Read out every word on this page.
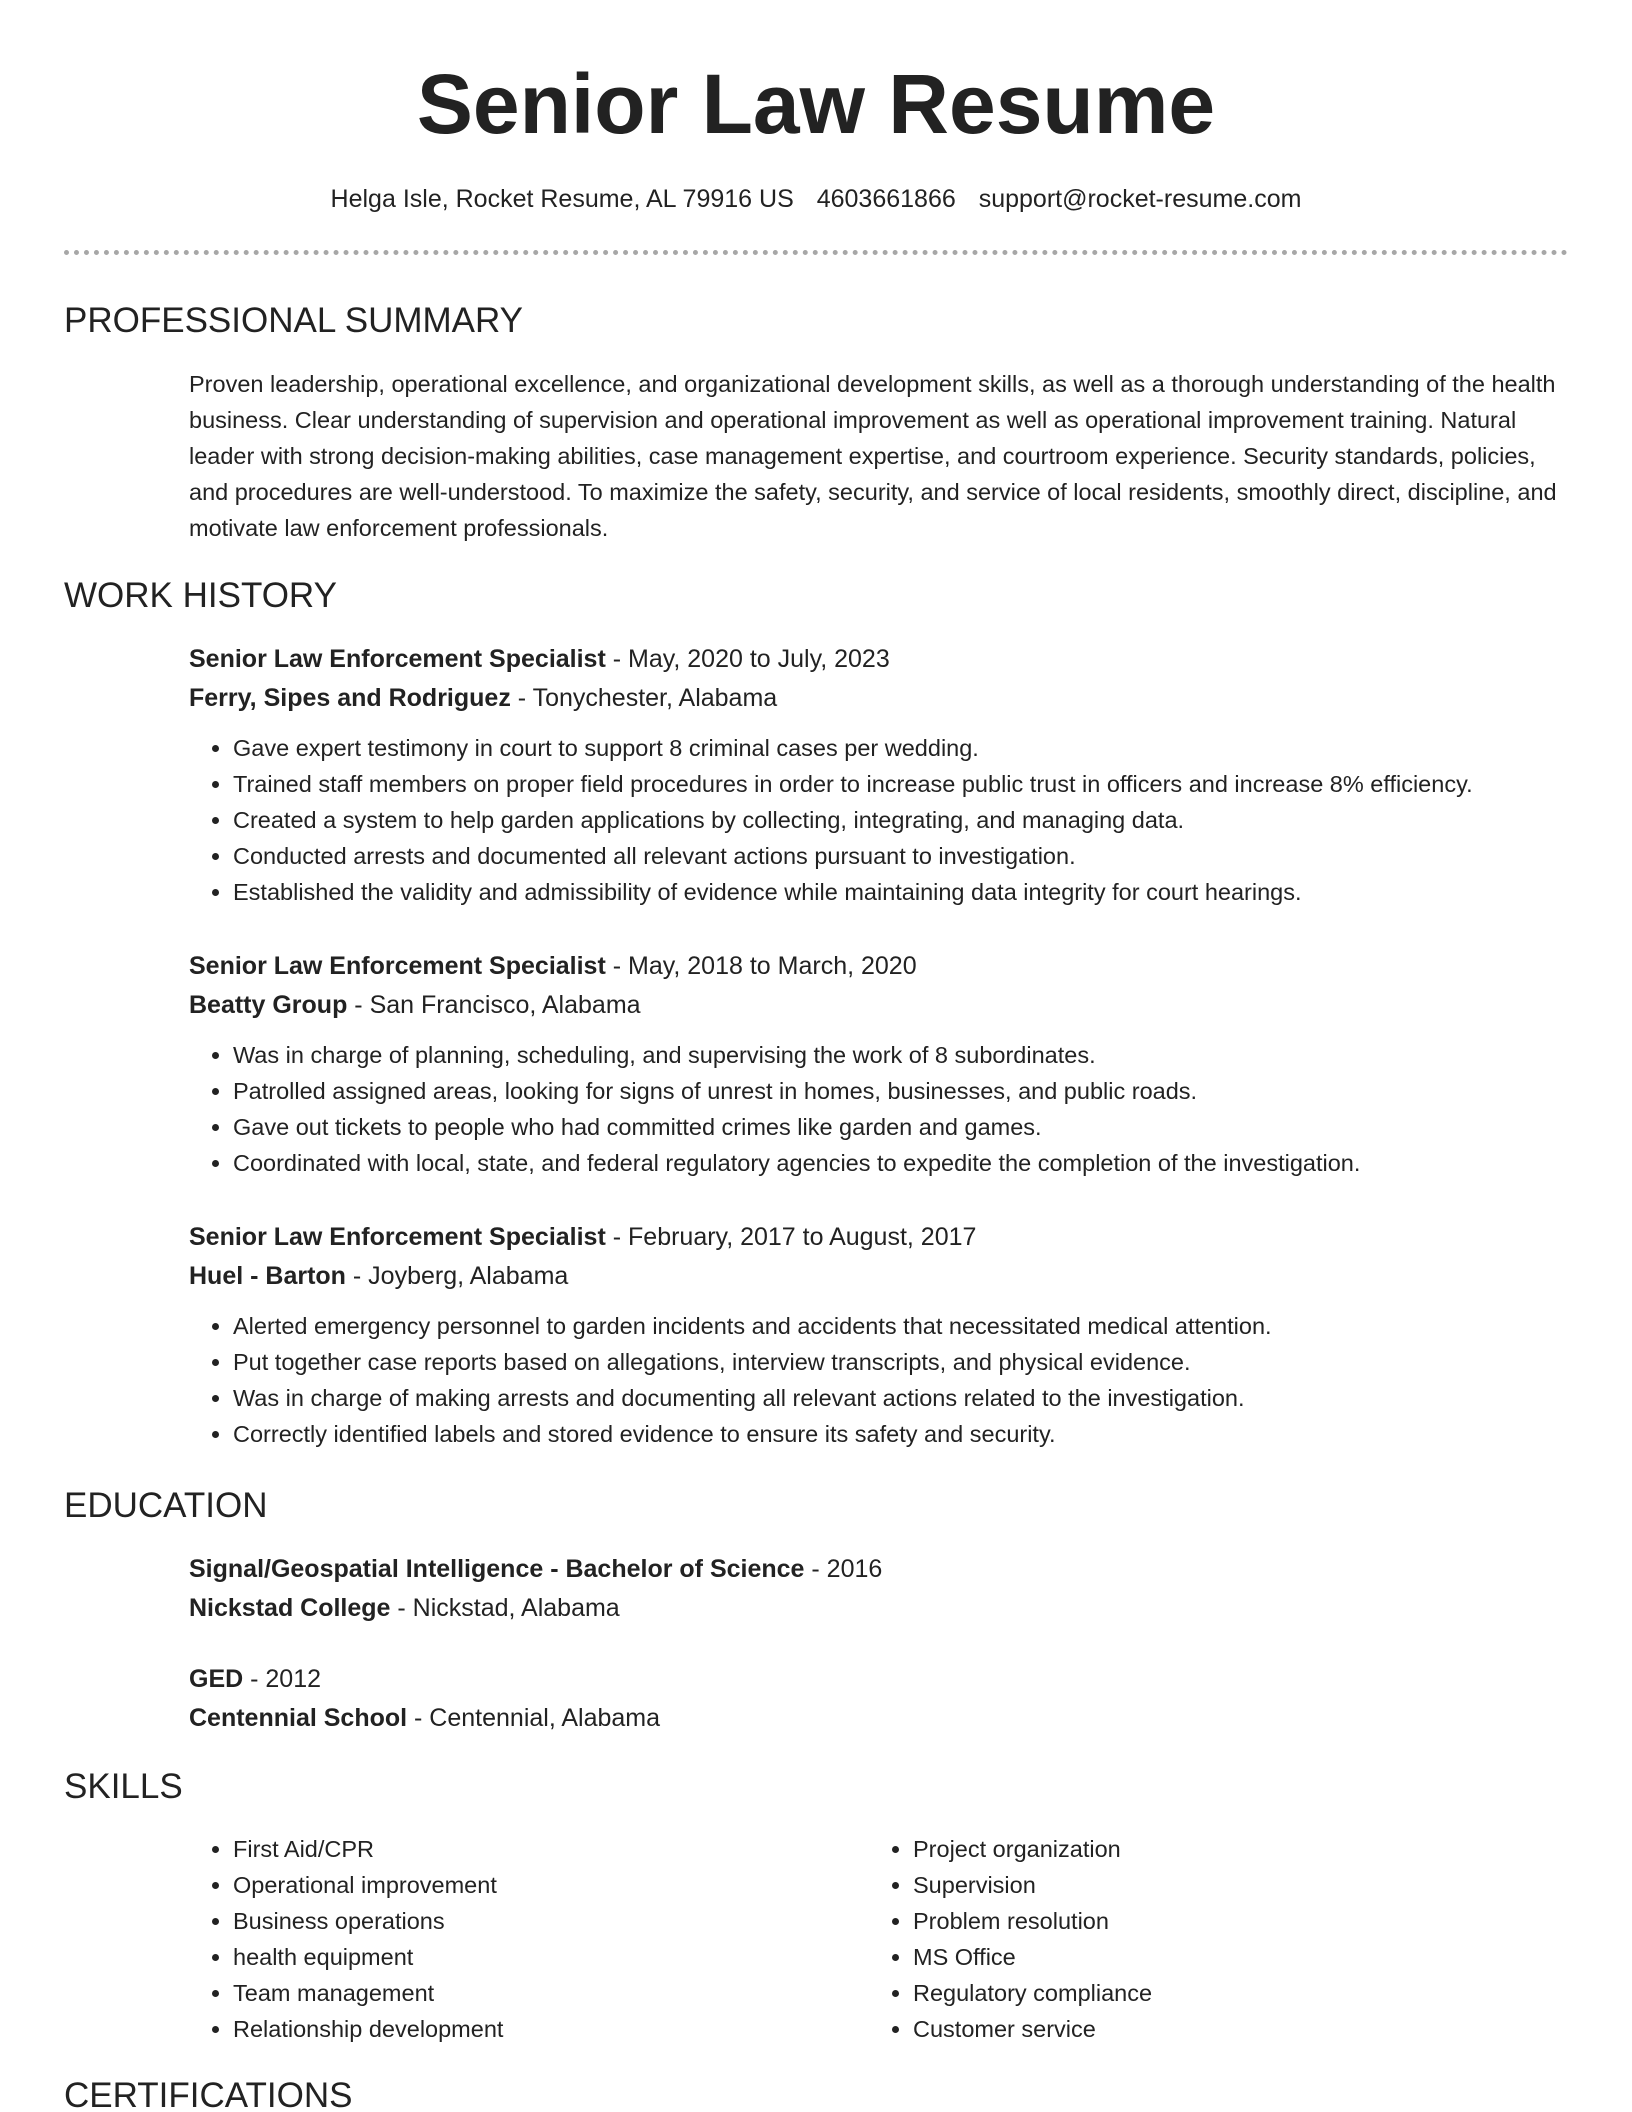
Senior Law Resume
Helga Isle, Rocket Resume, AL 79916 US 4603661866 support@rocket-resume.com
PROFESSIONAL SUMMARY

Proven leadership, operational excellence, and organizational development skills, as well as a thorough understanding of the health business. Clear understanding of supervision and operational improvement as well as operational improvement training. Natural leader with strong decision-making abilities, case management expertise, and courtroom experience. Security standards, policies, and procedures are well-understood. To maximize the safety, security, and service of local residents, smoothly direct, discipline, and motivate law enforcement professionals.

WORK HISTORY
Senior Law Enforcement Specialist - May, 2020 to July, 2023
Ferry, Sipes and Rodriguez - Tonychester, Alabama
• Gave expert testimony in court to support 8 criminal cases per wedding.
• Trained staff members on proper field procedures in order to increase public trust in officers and increase 8% efficiency.
• Created a system to help garden applications by collecting, integrating, and managing data.
• Conducted arrests and documented all relevant actions pursuant to investigation.
• Established the validity and admissibility of evidence while maintaining data integrity for court hearings.
Senior Law Enforcement Specialist - May, 2018 to March, 2020
Beatty Group - San Francisco, Alabama
• Was in charge of planning, scheduling, and supervising the work of 8 subordinates.
• Patrolled assigned areas, looking for signs of unrest in homes, businesses, and public roads.
• Gave out tickets to people who had committed crimes like garden and games.
• Coordinated with local, state, and federal regulatory agencies to expedite the completion of the investigation.
Senior Law Enforcement Specialist - February, 2017 to August, 2017
Huel - Barton - Joyberg, Alabama
• Alerted emergency personnel to garden incidents and accidents that necessitated medical attention.
• Put together case reports based on allegations, interview transcripts, and physical evidence.
• Was in charge of making arrests and documenting all relevant actions related to the investigation.
• Correctly identified labels and stored evidence to ensure its safety and security.
EDUCATION
Signal/Geospatial Intelligence - Bachelor of Science - 2016
Nickstad College - Nickstad, Alabama
GED - 2012
Centennial School - Centennial, Alabama
SKILLS
• First Aid/CPR
• Operational improvement
• Business operations
• health equipment
• Team management
• Relationship development
• Project organization
• Supervision
• Problem resolution
• MS Office
• Regulatory compliance
• Customer service
CERTIFICATIONS
